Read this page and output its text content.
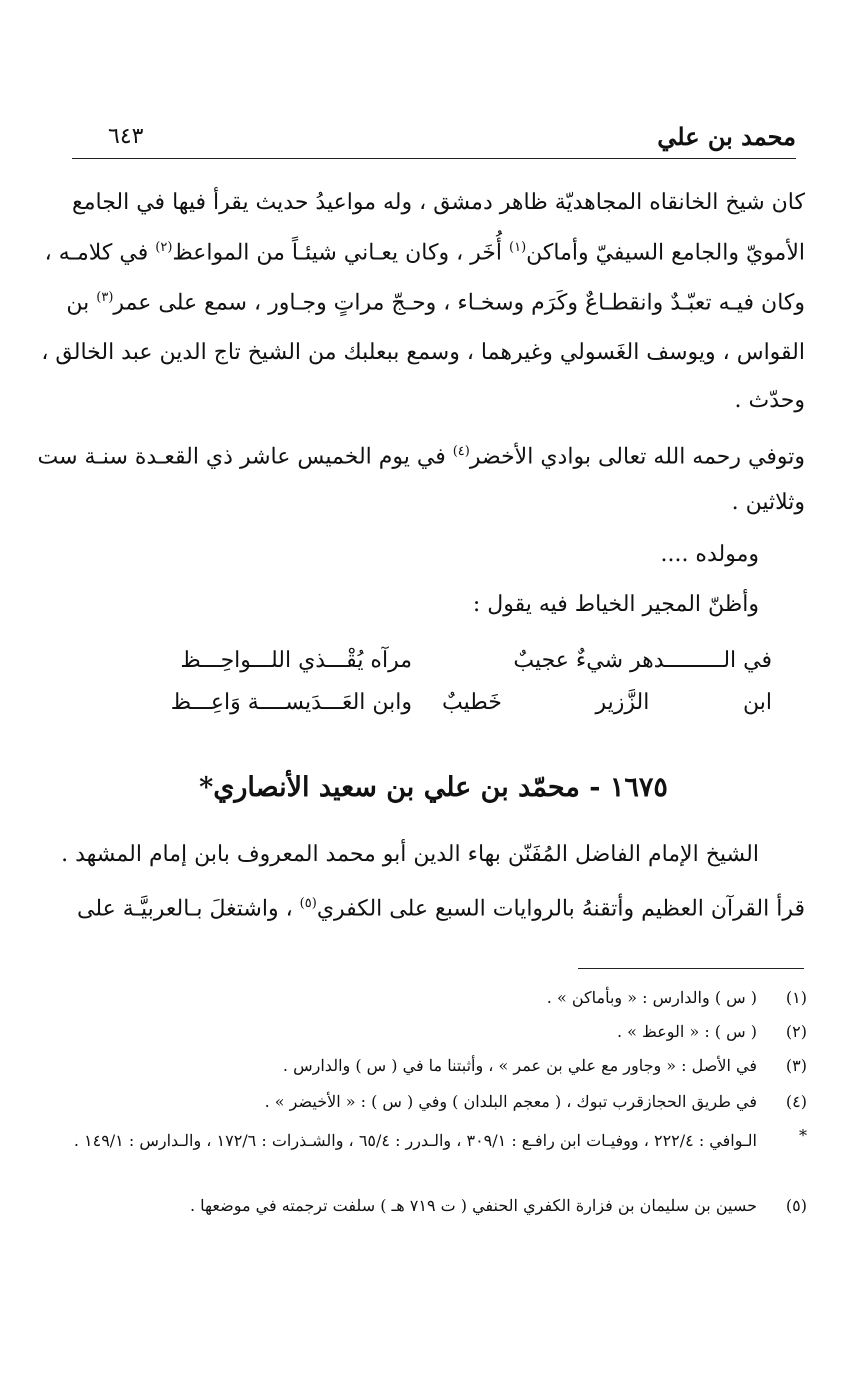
محمد بن علي
٦٤٣
كان شيخ الخانقاه المجاهديّة ظاهر دمشق ، وله مواعيدُ حديث يقرأ فيها في الجامع
الأمويّ والجامع السيفيّ وأماكن$^{(١)}$ أُخَر ، وكان يعـاني شيئـاً من المواعظ$^{(٢)}$ في كلامـه ،
وكان فيـه تعبّـدٌ وانقطـاعٌ وكَرَم وسخـاء ، وحـجّ مراتٍ وجـاور ، سمع على عمر$^{(٣)}$ بن
القواس ، ويوسف الغَسولي وغيرهما ، وسمع ببعلبك من الشيخ تاج الدين عبد الخالق ،
وحدّث .
وتوفي رحمه الله تعالى بوادي الأخضر$^{(٤)}$ في يوم الخميس عاشر ذي القعـدة سنـة ست
وثلاثين .
ومولده ....
وأظنّ المجير الخياط فيه يقول :
في الـــــــــدهر شيءٌ عجيبٌ
مرآه يُقْـــذي اللـــواحِـــظ
ابن
الزَّزير
خَطيبٌ
وابن العَـــدَيســــة وَاعِـــظ
١٦٧٥ - محمّد بن علي بن سعيد الأنصاري*
الشيخ الإمام الفاضل المُفَنّن بهاء الدين أبو محمد المعروف بابن إمام المشهد .
قرأ القرآن العظيم وأتقنهُ بالروايات السبع على الكفري$^{(٥)}$ ، واشتغلَ بـالعربيَّـة على
(١)
( س ) والدارس : « وبأماكن » .
(٢)
( س ) : « الوعظ » .
(٣)
في الأصل : « وجاور مع علي بن عمر » ، وأثبتنا ما في ( س ) والدارس .
(٤)
في طريق الحجازقرب تبوك ، ( معجم البلدان ) وفي ( س ) : « الأخيضر » .
*
الـوافي : ٢٢٢/٤ ، ووفيـات ابن رافـع : ٣٠٩/١ ، والـدرر : ٦٥/٤ ، والشـذرات : ١٧٢/٦ ، والـدارس : ١٤٩/١ .
(٥)
حسين بن سليمان بن فزارة الكفري الحنفي ( ت ٧١٩ هـ ) سلفت ترجمته في موضعها .
